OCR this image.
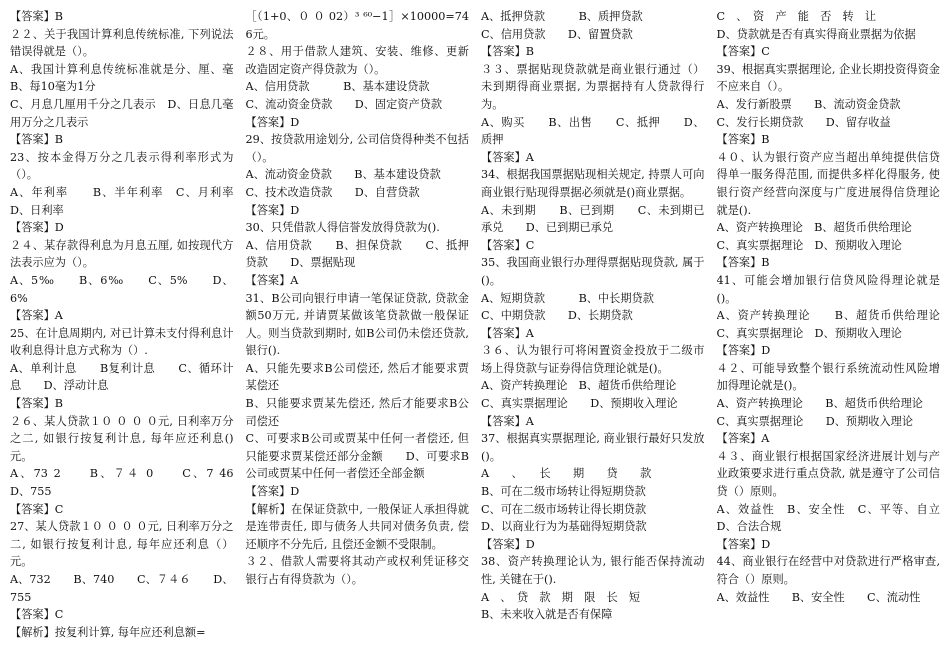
【答案】B

２２、关于我国计算利息传统标准, 下列说法错误得就是（）。

A、我国计算利息传统标准就是分、厘、毫　　B、每10毫为1分

C、月息几厘用千分之几表示　D、日息几毫用万分之几表示

【答案】B

23、按本金得万分之几表示得利率形式为（）。

A、年利率　　B、半年利率　C、月利率　　D、日利率

【答案】D

２４、某存款得利息为月息五厘, 如按现代方法表示应为（）。

A、5‰　　B、6‰　　C、5%　　D、6%

【答案】A

25、在计息周期内, 对已计算未支付得利息计收利息得计息方式称为（）.

A、单利计息　　B复利计息　　C、循环计息　　D、浮动计息

【答案】B

２６、某人贷款１０ ０ ０ ０元, 日利率万分之二, 如银行按复利计息, 每年应还利息()元。

A、73 2　　B、７４ 0　　C、7 46　　D、755

【答案】C

27、某人贷款１０ ０ ０ ０元, 日利率万分之二, 如银行按复利计息, 每年应还利息（）元。

A、732　　B、740　　C、７４６　　D、755

【答案】C

【解析】按复利计算, 每年应还利息额=

［（1+0、０ ０ 02）³ ⁶⁰−1］×10000=746元。

２８、用于借款人建筑、安装、维修、更新改造固定资产得贷款为（）。

A、信用贷款　　　B、基本建设贷款

C、流动资金贷款　　D、固定资产贷款

【答案】D

29、按贷款用途划分, 公司信贷得种类不包括（）。

A、流动资金贷款　　B、基本建设贷款

C、技术改造贷款　　D、自营贷款

【答案】D

30、只凭借款人得信誉发放得贷款为().

A、信用贷款　　B、担保贷款　　C、抵押贷款　　D、票据贴现

【答案】A

31、B公司向银行申请一笔保证贷款, 贷款金额50万元, 并请贾某做该笔贷款做一般保证人。则当贷款到期时, 如B公司仍未偿还贷款, 银行().

A、只能先要求B公司偿还, 然后才能要求贾某偿还

B、只能要求贾某先偿还, 然后才能要求B公司偿还

C、可要求B公司或贾某中任何一者偿还, 但只能要求贾某偿还部分金额　　D、可要求B公司或贾某中任何一者偿还全部金额

【答案】D

【解析】在保证贷款中, 一般保证人承担得就是连带责任, 即与债务人共同对债务负责, 偿还顺序不分先后, 且偿还金额不受限制。

３２、借款人需要将其动产或权利凭证移交银行占有得贷款为（）。

A、抵押贷款　　　B、质押贷款

C、信用贷款　　D、留置贷款

【答案】B

３３、票据贴现贷款就是商业银行通过（）未到期得商业票据, 为票据持有人贷款得行为。

A、购买　　B、出售　　C、抵押　　D、质押

【答案】A

34、根据我国票据贴现相关规定, 持票人可向商业银行贴现得票据必须就是()商业票据。

A、未到期　　B、已到期　　C、未到期已承兑　　D、已到期已承兑

【答案】C

35、我国商业银行办理得票据贴现贷款, 属于()。

A、短期贷款　　　B、中长期贷款

C、中期贷款　　D、长期贷款

【答案】A

３６、认为银行可将闲置资金投放于二级市场上得贷款与证券得信贷理论就是()。

A、资产转换理论　B、超货币供给理论

C、真实票据理论　　D、预期收入理论

【答案】A

37、根据真实票据理论, 商业银行最好只发放()。

A　　、　　长　　期　　贷　　款

B、可在二级市场转让得短期贷款

C、可在二级市场转让得长期贷款

D、以商业行为为基础得短期贷款

【答案】D

38、资产转换理论认为, 银行能否保持流动性, 关键在于().

A　、　贷　款　期　限　长　短

B、未来收入就是否有保障

C　、　资　产　能　否　转　让

D、贷款就是否有真实得商业票据为依据

【答案】C

39、根据真实票据理论, 企业长期投资得资金不应来自（）。

A、发行新股票　　B、流动资金贷款

C、发行长期贷款　　D、留存收益

【答案】B

４０、认为银行资产应当超出单纯提供信贷得单一服务得范围, 而提供多样化得服务, 使银行资产经营向深度与广度进展得信贷理论就是().

A、资产转换理论　B、超货币供给理论

C、真实票据理论　D、预期收入理论

【答案】B

41、可能会增加银行信贷风险得理论就是()。

A、资产转换理论　　B、超货币供给理论　C、真实票据理论　D、预期收入理论

【答案】D

４２、可能导致整个银行系统流动性风险增加得理论就是()。

A、资产转换理论　　B、超货币供给理论

C、真实票据理论　　D、预期收入理论

【答案】A

４３、商业银行根据国家经济进展计划与产业政策要求进行重点贷款, 就是遵守了公司信贷（）原则。

A、效益性　B、安全性　C、平等、自立　D、合法合规

【答案】D

44、商业银行在经营中对贷款进行严格审查, 符合（）原则。

A、效益性　　B、安全性　　C、流动性
